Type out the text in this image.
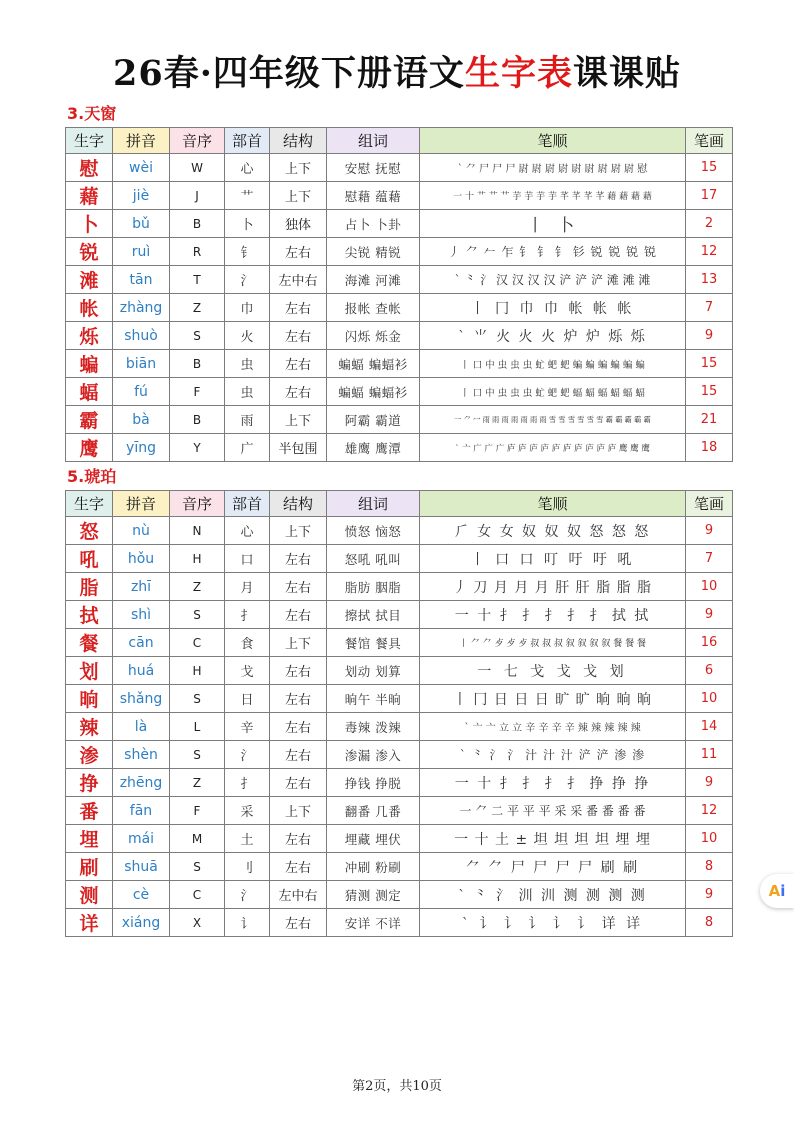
26春·四年级下册语文生字表课课贴
3.天窗
生字	拼音	音序	部首	结构	组词	笔顺	笔画
慰	wèi	W	心	上下	安慰 抚慰	` ⺈ 尸 尸 尸 尉 尉 尉 尉 尉 尉 尉 尉 尉 慰	15
藉	jiè	J	艹	上下	慰藉 蕴藉	一 十 艹 艹 艹 芋 芋 芋 芋 芊 芊 芊 芊 藉 藉 藉 藉	17
卜	bǔ	B	卜	独体	占卜 卜卦	丨 卜	2
锐	ruì	R	钅	左右	尖锐 精锐	丿 ⺈ 𠂉 乍 钅 钅 钅 钐 锐 锐 锐 锐	12
滩	tān	T	氵	左中右	海滩 河滩	` ⺀ 氵 汉 汉 汉 汉 浐 浐 浐 滩 滩 滩	13
帐	zhàng	Z	巾	左右	报帐 查帐	丨 冂 巾 巾 帐 帐 帐	7
烁	shuò	S	火	左右	闪烁 烁金	` ⺌ 火 火 火 炉 炉 烁 烁	9
蝙	biān	B	虫	左右	蝙蝠 蝙蝠衫	丨 口 中 虫 虫 虫 虻 蚆 蚆 蝙 蝙 蝙 蝙 蝙 蝙	15
蝠	fú	F	虫	左右	蝙蝠 蝙蝠衫	丨 口 中 虫 虫 虫 虻 蚆 蚆 蝠 蝠 蝠 蝠 蝠 蝠	15
霸	bà	B	雨	上下	阿霸 霸道	一 ⺈ 冖 雨 雨 雨 雨 雨 雨 雨 雪 雪 雪 雪 雪 雪 霸 霸 霸 霸 霸	21
鹰	yīng	Y	广	半包围	雄鹰 鹰潭	` 亠 广 广 广 庐 庐 庐 庐 庐 庐 庐 庐 庐 庐 鹰 鹰 鹰	18
5.琥珀
生字	拼音	音序	部首	结构	组词	笔顺	笔画
怒	nù	N	心	上下	愤怒 恼怒	⺁ 女 女 奴 奴 奴 怒 怒 怒	9
吼	hǒu	H	口	左右	怒吼 吼叫	丨 口 口 叮 吁 吁 吼	7
脂	zhī	Z	月	左右	脂肪 胭脂	丿 刀 月 月 月 肝 肝 脂 脂 脂	10
拭	shì	S	扌	左右	擦拭 拭目	一 十 扌 扌 扌 扌 扌 拭 拭	9
餐	cān	C	食	上下	餐馆 餐具	丨 ⺈ ⺈ 歺 歺 歺 叔 叔 叔 叙 叙 叙 叙 餐 餐 餐	16
划	huá	H	戈	左右	划动 划算	一 七 戈 戈 戈 划	6
晌	shǎng	S	日	左右	晌午 半晌	丨 冂 日 日 日 旷 旷 晌 晌 晌	10
辣	là	L	辛	左右	毒辣 泼辣	` 亠 亠 立 立 辛 辛 辛 辛 辣 辣 辣 辣 辣	14
渗	shèn	S	氵	左右	渗漏 渗入	` ⺀ 氵 氵 汁 汁 汁 浐 浐 渗 渗	11
挣	zhēng	Z	扌	左右	挣钱 挣脱	一 十 扌 扌 扌 扌 挣 挣 挣	9
番	fān	F	采	上下	翻番 几番	一 ⺈ 二 平 平 平 采 采 番 番 番 番	12
埋	mái	M	土	左右	埋藏 埋伏	一 十 土 ± 坦 坦 坦 坦 埋 埋	10
刷	shuā	S	刂	左右	冲刷 粉刷	⺈ ⺈ 尸 尸 尸 尸 刷 刷	8
测	cè	C	氵	左中右	猜测 测定	` ⺀ 氵 汌 汌 测 测 测 测	9
详	xiáng	X	讠	左右	安详 不详	` 讠 讠 讠 讠 讠 详 详	8
Ai
第2页，共10页
